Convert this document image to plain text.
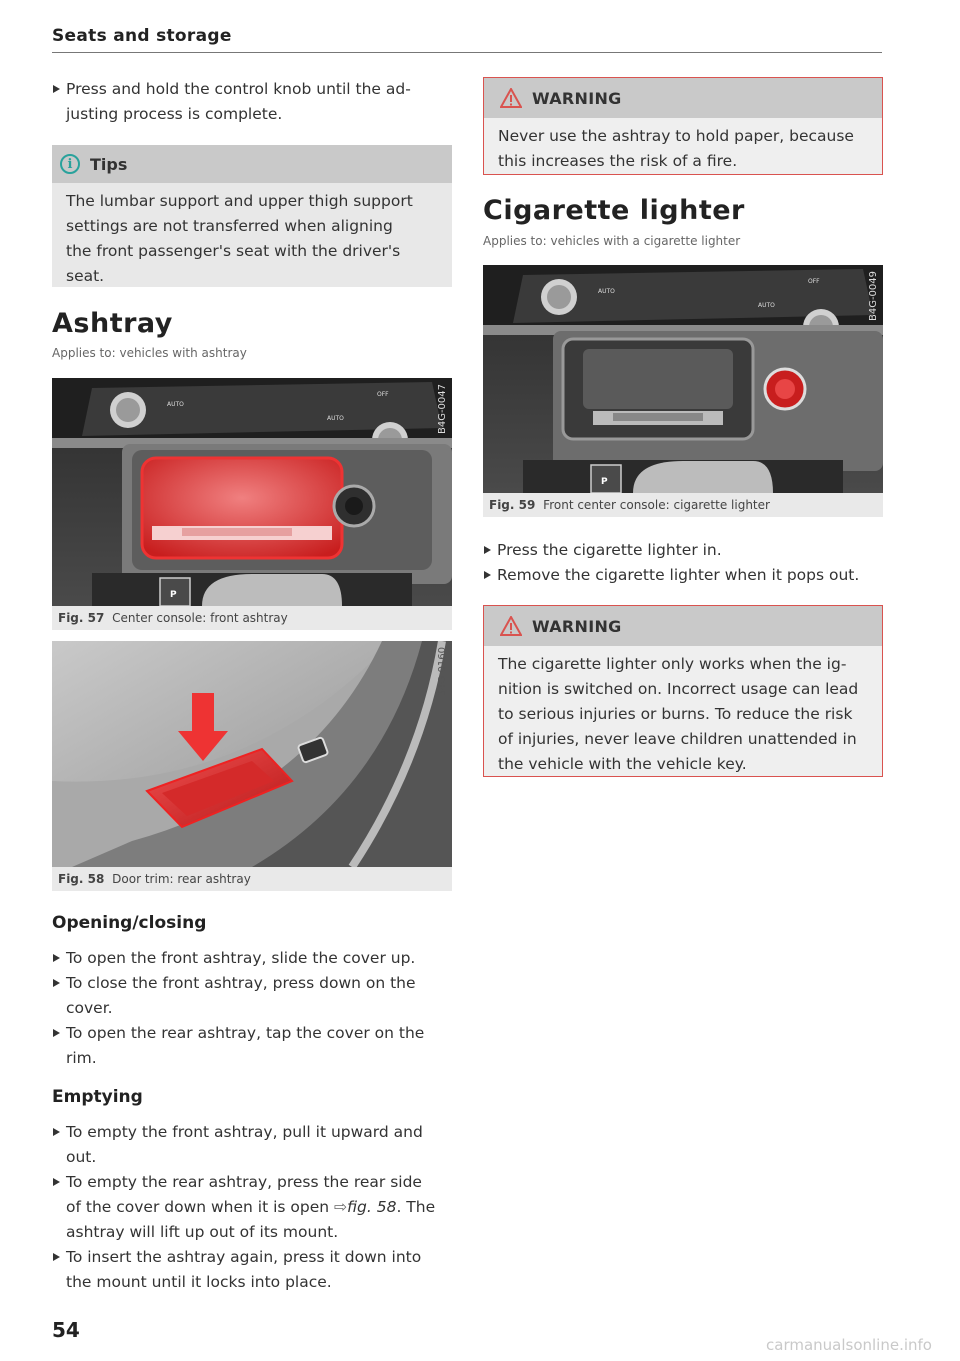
Seats and storage
Press and hold the control knob until the ad-
justing process is complete.
i	Tips
The lumbar support and upper thigh support
settings are not transferred when aligning
the front passenger's seat with the driver's
seat.
Ashtray
Applies to: vehicles with ashtray
AUTO
AUTO
OFF
P
B4G-0047
Fig. 57 Center console: front ashtray
B4G-0160
Fig. 58 Door trim: rear ashtray
Opening/closing
To open the front ashtray, slide the cover up.
To close the front ashtray, press down on the
cover.
To open the rear ashtray, tap the cover on the
rim.
Emptying
To empty the front ashtray, pull it upward and
out.
To empty the rear ashtray, press the rear side
of the cover down when it is open ⇨fig. 58. The
ashtray will lift up out of its mount.
To insert the ashtray again, press it down into
the mount until it locks into place.
WARNING
Never use the ashtray to hold paper, because
this increases the risk of a fire.
Cigarette lighter
Applies to: vehicles with a cigarette lighter
AUTO
AUTO
OFF
P
B4G-0049
Fig. 59 Front center console: cigarette lighter
Press the cigarette lighter in.
Remove the cigarette lighter when it pops out.
WARNING
The cigarette lighter only works when the ig-
nition is switched on. Incorrect usage can lead
to serious injuries or burns. To reduce the risk
of injuries, never leave children unattended in
the vehicle with the vehicle key.
54
carmanualsonline.info
